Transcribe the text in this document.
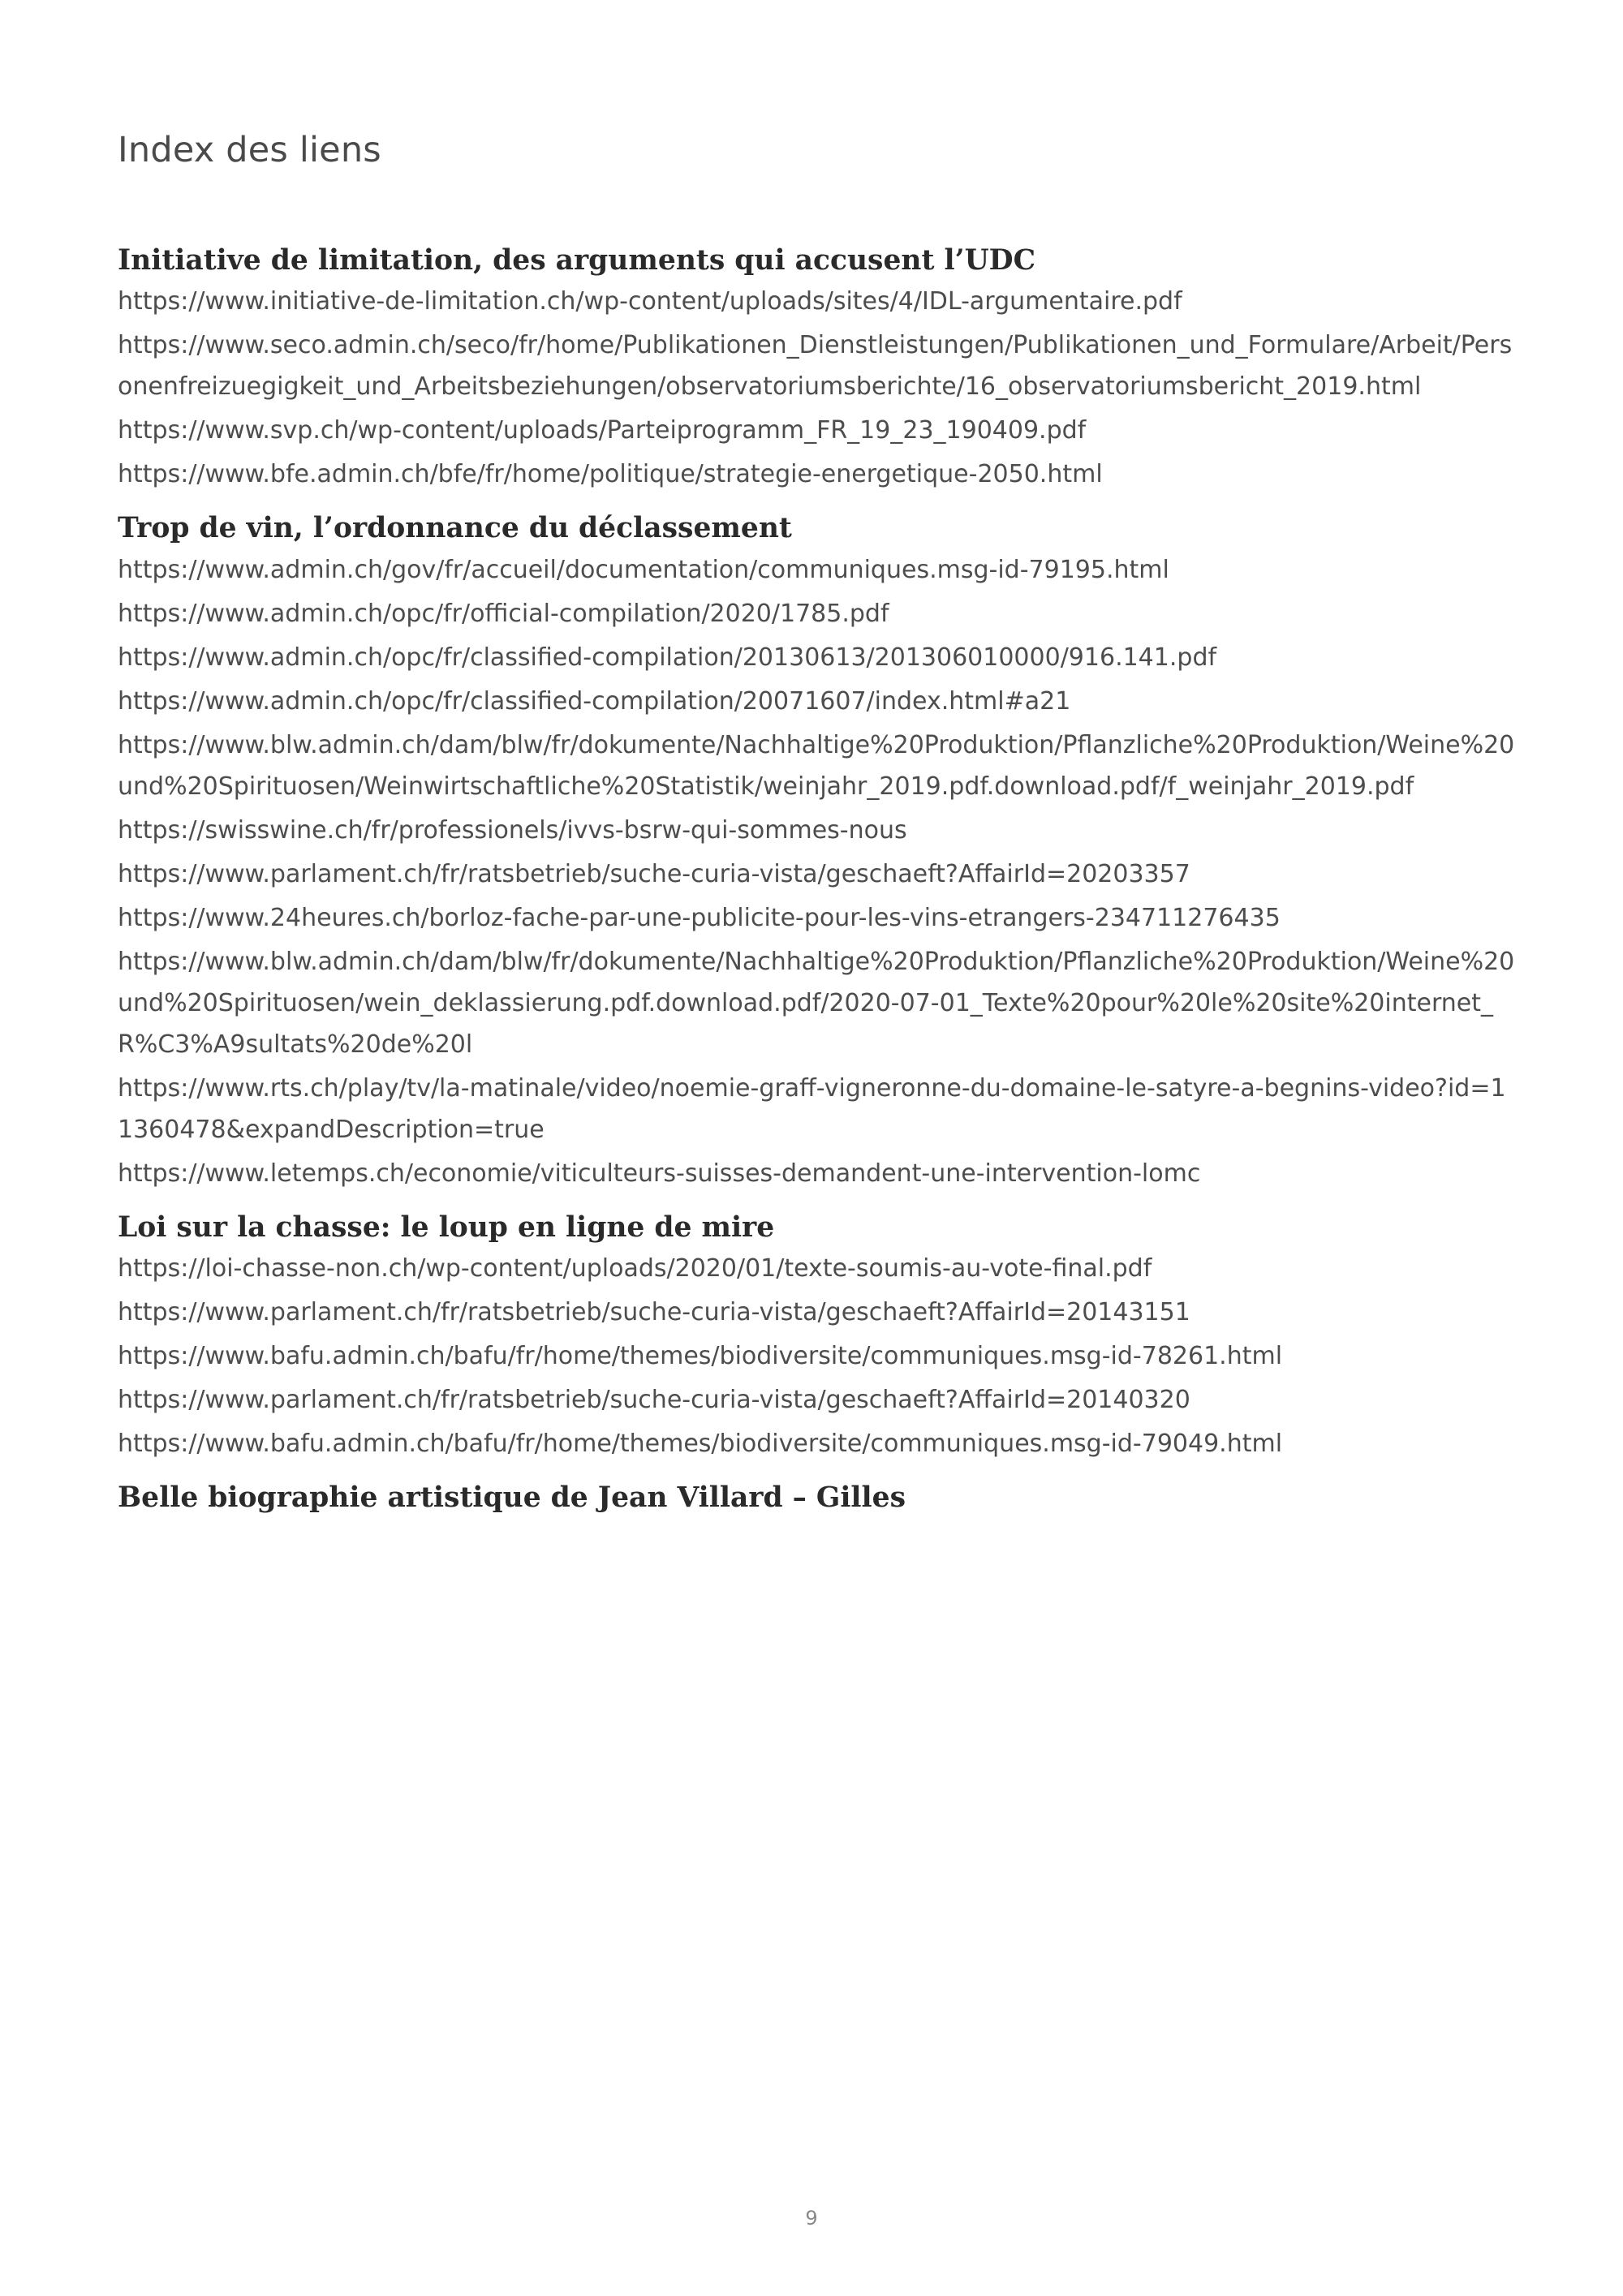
Index des liens
Initiative de limitation, des arguments qui accusent l’UDC
https://www.initiative-de-limitation.ch/wp-content/uploads/sites/4/IDL-argumentaire.pdf
https://www.seco.admin.ch/seco/fr/home/Publikationen_Dienstleistungen/Publikationen_und_Formulare/Arbeit/Personenfreizuegigkeit_und_Arbeitsbeziehungen/observatoriumsberichte/16_observatoriumsbericht_2019.html
https://www.svp.ch/wp-content/uploads/Parteiprogramm_FR_19_23_190409.pdf
https://www.bfe.admin.ch/bfe/fr/home/politique/strategie-energetique-2050.html
Trop de vin, l’ordonnance du déclassement
https://www.admin.ch/gov/fr/accueil/documentation/communiques.msg-id-79195.html
https://www.admin.ch/opc/fr/official-compilation/2020/1785.pdf
https://www.admin.ch/opc/fr/classified-compilation/20130613/201306010000/916.141.pdf
https://www.admin.ch/opc/fr/classified-compilation/20071607/index.html#a21
https://www.blw.admin.ch/dam/blw/fr/dokumente/Nachhaltige%20Produktion/Pflanzliche%20Produktion/Weine%20und%20Spirituosen/Weinwirtschaftliche%20Statistik/weinjahr_2019.pdf.download.pdf/f_weinjahr_2019.pdf
https://swisswine.ch/fr/professionels/ivvs-bsrw-qui-sommes-nous
https://www.parlament.ch/fr/ratsbetrieb/suche-curia-vista/geschaeft?AffairId=20203357
https://www.24heures.ch/borloz-fache-par-une-publicite-pour-les-vins-etrangers-234711276435
https://www.blw.admin.ch/dam/blw/fr/dokumente/Nachhaltige%20Produktion/Pflanzliche%20Produktion/Weine%20und%20Spirituosen/wein_deklassierung.pdf.download.pdf/2020-07-01_Texte%20pour%20le%20site%20internet_R%C3%A9sultats%20de%20l
https://www.rts.ch/play/tv/la-matinale/video/noemie-graff-vigneronne-du-domaine-le-satyre-a-begnins-video?id=11360478&expandDescription=true
https://www.letemps.ch/economie/viticulteurs-suisses-demandent-une-intervention-lomc
Loi sur la chasse: le loup en ligne de mire
https://loi-chasse-non.ch/wp-content/uploads/2020/01/texte-soumis-au-vote-final.pdf
https://www.parlament.ch/fr/ratsbetrieb/suche-curia-vista/geschaeft?AffairId=20143151
https://www.bafu.admin.ch/bafu/fr/home/themes/biodiversite/communiques.msg-id-78261.html
https://www.parlament.ch/fr/ratsbetrieb/suche-curia-vista/geschaeft?AffairId=20140320
https://www.bafu.admin.ch/bafu/fr/home/themes/biodiversite/communiques.msg-id-79049.html
Belle biographie artistique de Jean Villard – Gilles
9
